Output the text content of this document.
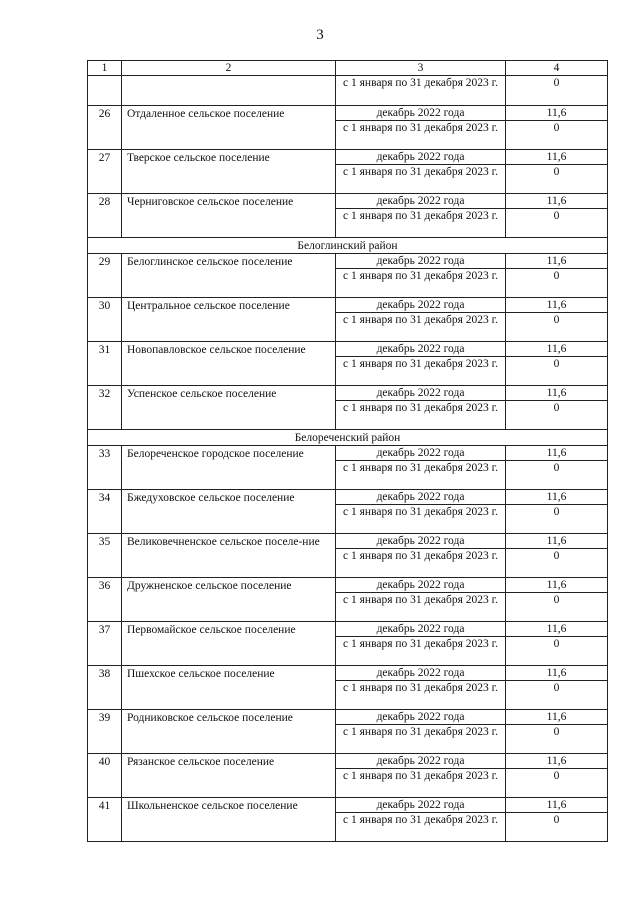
3
1	2	3	4
		с 1 января по 31 декабря 2023 г.	0
26	Отдаленное сельское поселение	декабрь 2022 года	11,6
		с 1 января по 31 декабря 2023 г.	0
27	Тверское сельское поселение	декабрь 2022 года	11,6
		с 1 января по 31 декабря 2023 г.	0
28	Черниговское сельское поселение	декабрь 2022 года	11,6
		с 1 января по 31 декабря 2023 г.	0
Белоглинский район			
29	Белоглинское сельское поселение	декабрь 2022 года	11,6
		с 1 января по 31 декабря 2023 г.	0
30	Центральное сельское поселение	декабрь 2022 года	11,6
		с 1 января по 31 декабря 2023 г.	0
31	Новопавловское сельское поселение	декабрь 2022 года	11,6
		с 1 января по 31 декабря 2023 г.	0
32	Успенское сельское поселение	декабрь 2022 года	11,6
		с 1 января по 31 декабря 2023 г.	0
Белореченский район			
33	Белореченское городское поселение	декабрь 2022 года	11,6
		с 1 января по 31 декабря 2023 г.	0
34	Бжедуховское сельское поселение	декабрь 2022 года	11,6
		с 1 января по 31 декабря 2023 г.	0
35	Великовечненское сельское поселе-ние	декабрь 2022 года	11,6
		с 1 января по 31 декабря 2023 г.	0
36	Дружненское сельское поселение	декабрь 2022 года	11,6
		с 1 января по 31 декабря 2023 г.	0
37	Первомайское сельское поселение	декабрь 2022 года	11,6
		с 1 января по 31 декабря 2023 г.	0
38	Пшехское сельское поселение	декабрь 2022 года	11,6
		с 1 января по 31 декабря 2023 г.	0
39	Родниковское сельское поселение	декабрь 2022 года	11,6
		с 1 января по 31 декабря 2023 г.	0
40	Рязанское сельское поселение	декабрь 2022 года	11,6
		с 1 января по 31 декабря 2023 г.	0
41	Школьненское сельское поселение	декабрь 2022 года	11,6
		с 1 января по 31 декабря 2023 г.	0
